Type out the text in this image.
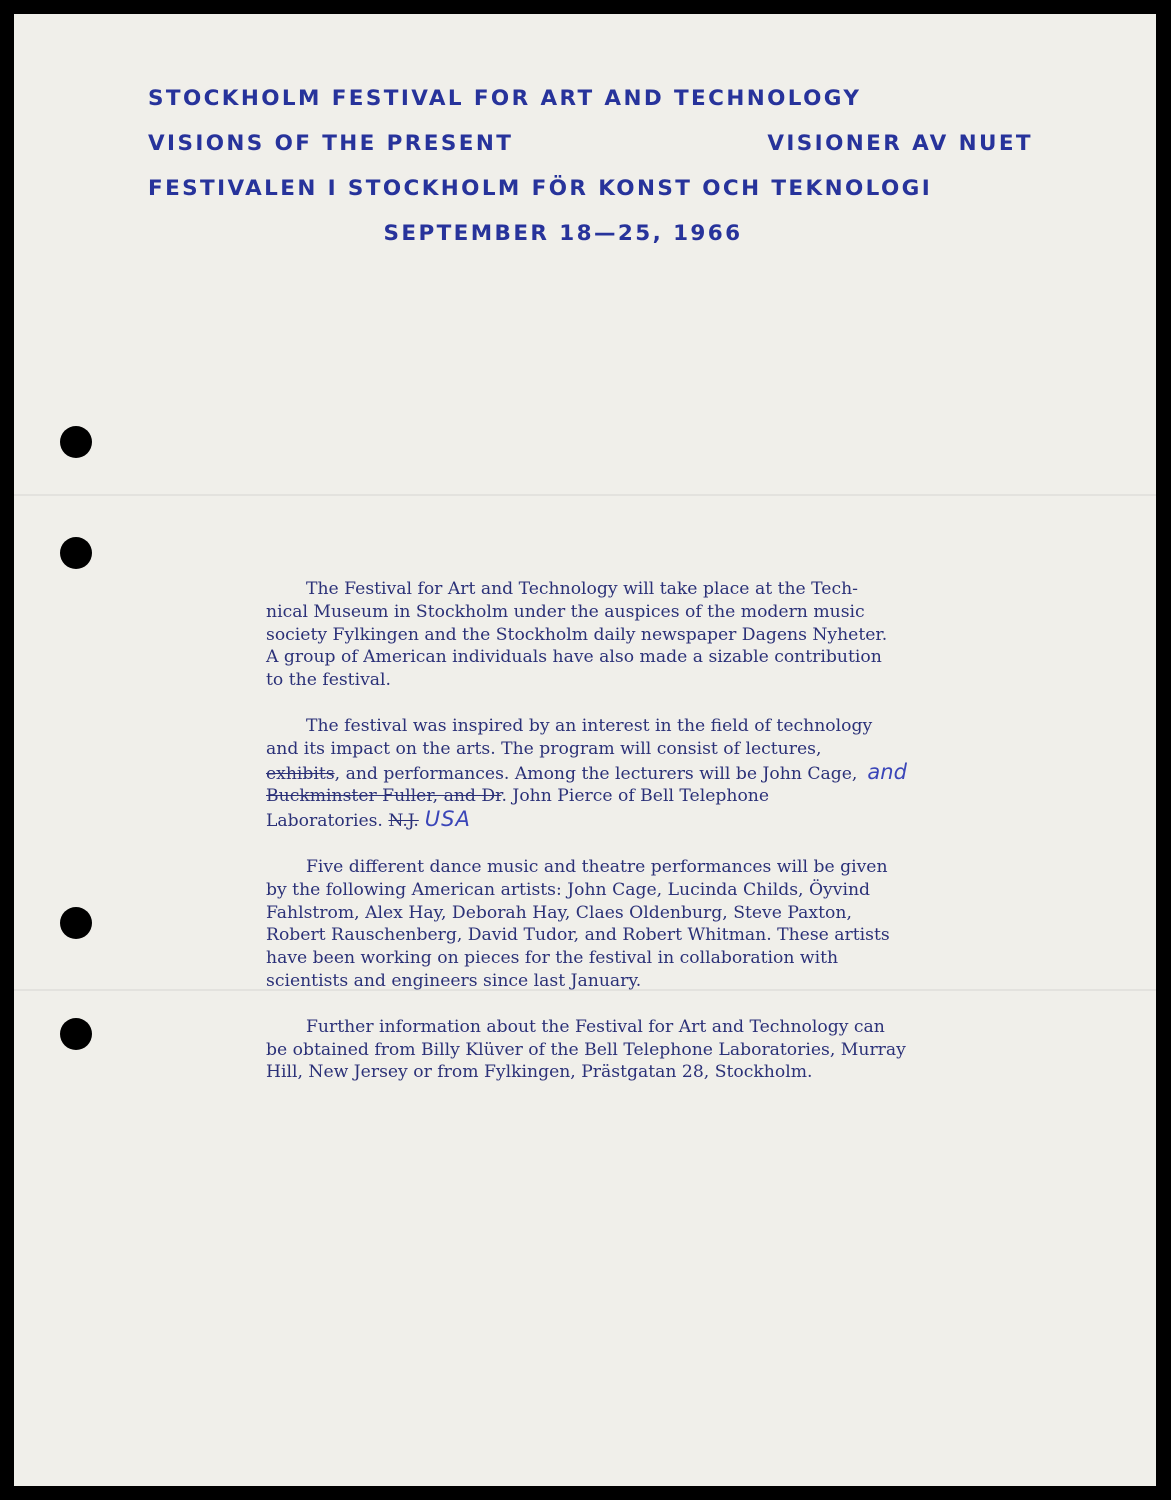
STOCKHOLM FESTIVAL FOR ART AND TECHNOLOGY
VISIONS OF THE PRESENT	VISIONER AV NUET
FESTIVALEN I STOCKHOLM FÖR KONST OCH TEKNOLOGI
SEPTEMBER 18—25, 1966
The Festival for Art and Technology will take place at the Tech-
nical Museum in Stockholm under the auspices of the modern music
society Fylkingen and the Stockholm daily newspaper Dagens Nyheter.
A group of American individuals have also made a sizable contribution
to the festival.
The festival was inspired by an interest in the field of technology
and its impact on the arts. The program will consist of lectures,
exhibits, and performances. Among the lecturers will be John Cage, and
Buckminster Fuller, and Dr. John Pierce of Bell Telephone
Laboratories. N.J. USA
Five different dance music and theatre performances will be given
by the following American artists: John Cage, Lucinda Childs, Öyvind
Fahlstrom, Alex Hay, Deborah Hay, Claes Oldenburg, Steve Paxton,
Robert Rauschenberg, David Tudor, and Robert Whitman. These artists
have been working on pieces for the festival in collaboration with
scientists and engineers since last January.
Further information about the Festival for Art and Technology can
be obtained from Billy Klüver of the Bell Telephone Laboratories, Murray
Hill, New Jersey or from Fylkingen, Prästgatan 28, Stockholm.
